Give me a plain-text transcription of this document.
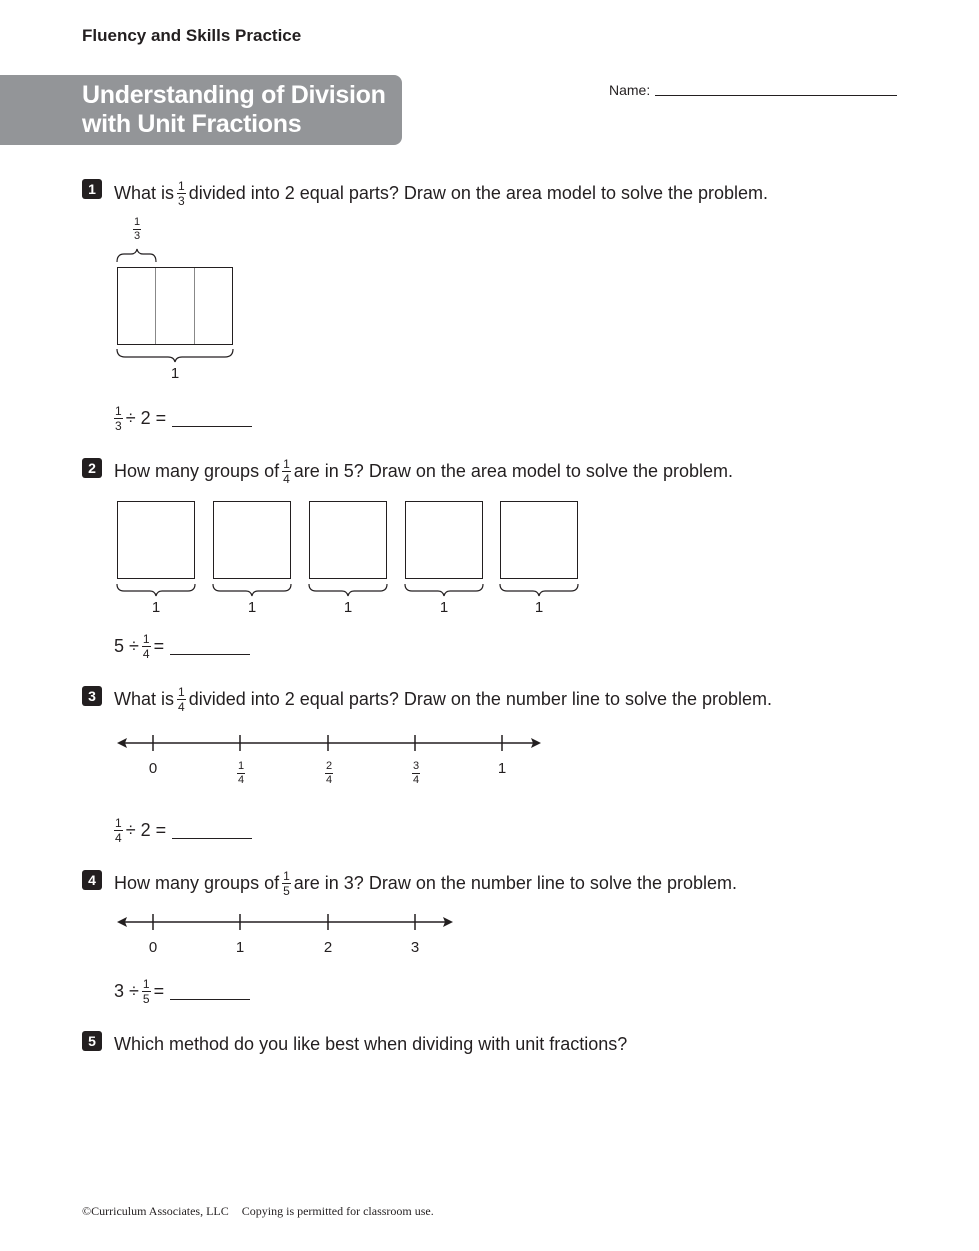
Fluency and Skills Practice
Understanding of Division
with Unit Fractions
Name:
1	What is $\frac{1}{3}$ divided into 2 equal parts? Draw on the area model to solve the problem.
$\frac{1}{3}$
1
$\frac{1}{3} \div 2$ =
2	How many groups of $\frac{1}{4}$ are in 5? Draw on the area model to solve the problem.
1	1	1	1	1
$5 \div \frac{1}{4}$ =
3	What is $\frac{1}{4}$ divided into 2 equal parts? Draw on the number line to solve the problem.
0	$\frac{1}{4}$	$\frac{2}{4}$	$\frac{3}{4}$	1
$\frac{1}{4} \div 2$ =
4	How many groups of $\frac{1}{5}$ are in 3? Draw on the number line to solve the problem.
0	1	2	3
$3 \div \frac{1}{5}$ =
5	Which method do you like best when dividing with unit fractions?
©Curriculum Associates, LLC Copying is permitted for classroom use.
